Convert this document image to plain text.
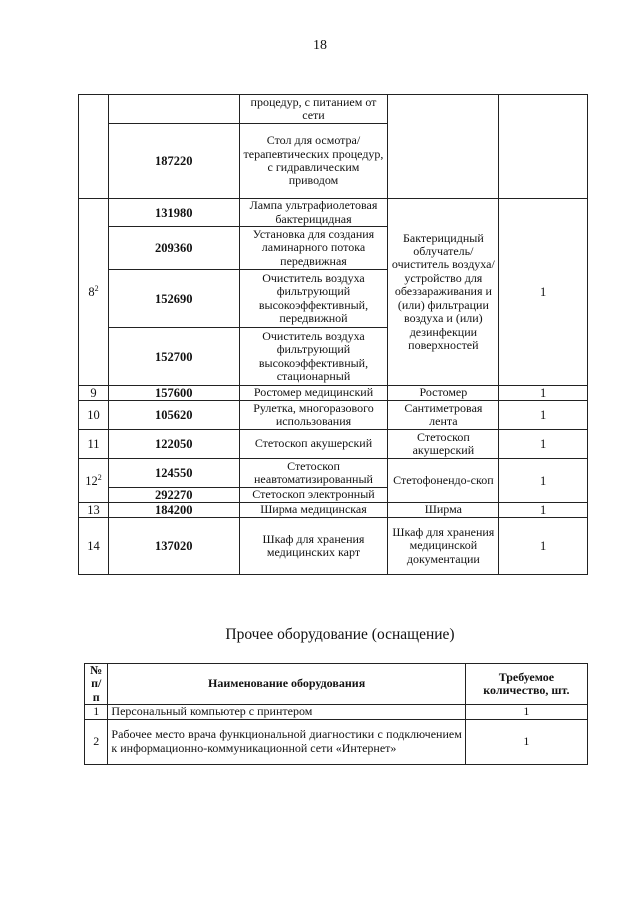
18
		процедур, с питанием от сети		
	187220	Стол для осмотра/терапевтических процедур, с гидравлическим приводом		
$8^2$	131980	Лампа ультрафиолетовая бактерицидная	Бактерицидный облучатель/ очиститель воздуха/ устройство для обеззараживания и (или) фильтрации воздуха и (или) дезинфекции поверхностей	1
	209360	Установка для создания ламинарного потока передвижная		
	152690	Очиститель воздуха фильтрующий высокоэффективный, передвижной		
	152700	Очиститель воздуха фильтрующий высокоэффективный, стационарный		
9	157600	Ростомер медицинский	Ростомер	1
10	105620	Рулетка, многоразового использования	Сантиметровая лента	1
11	122050	Стетоскоп акушерский	Стетоскоп акушерский	1
$12^2$	124550	Стетоскоп неавтоматизированный	Стетофонендо-скоп	1
	292270	Стетоскоп электронный		
13	184200	Ширма медицинская	Ширма	1
14	137020	Шкаф для хранения медицинских карт	Шкаф для хранения медицинской документации	1
Прочее оборудование (оснащение)
№ п/п	Наименование оборудования	Требуемое количество, шт.
1	Персональный компьютер с принтером	1
2	Рабочее место врача функциональной диагностики с подключением к информационно-коммуникационной сети «Интернет»	1
